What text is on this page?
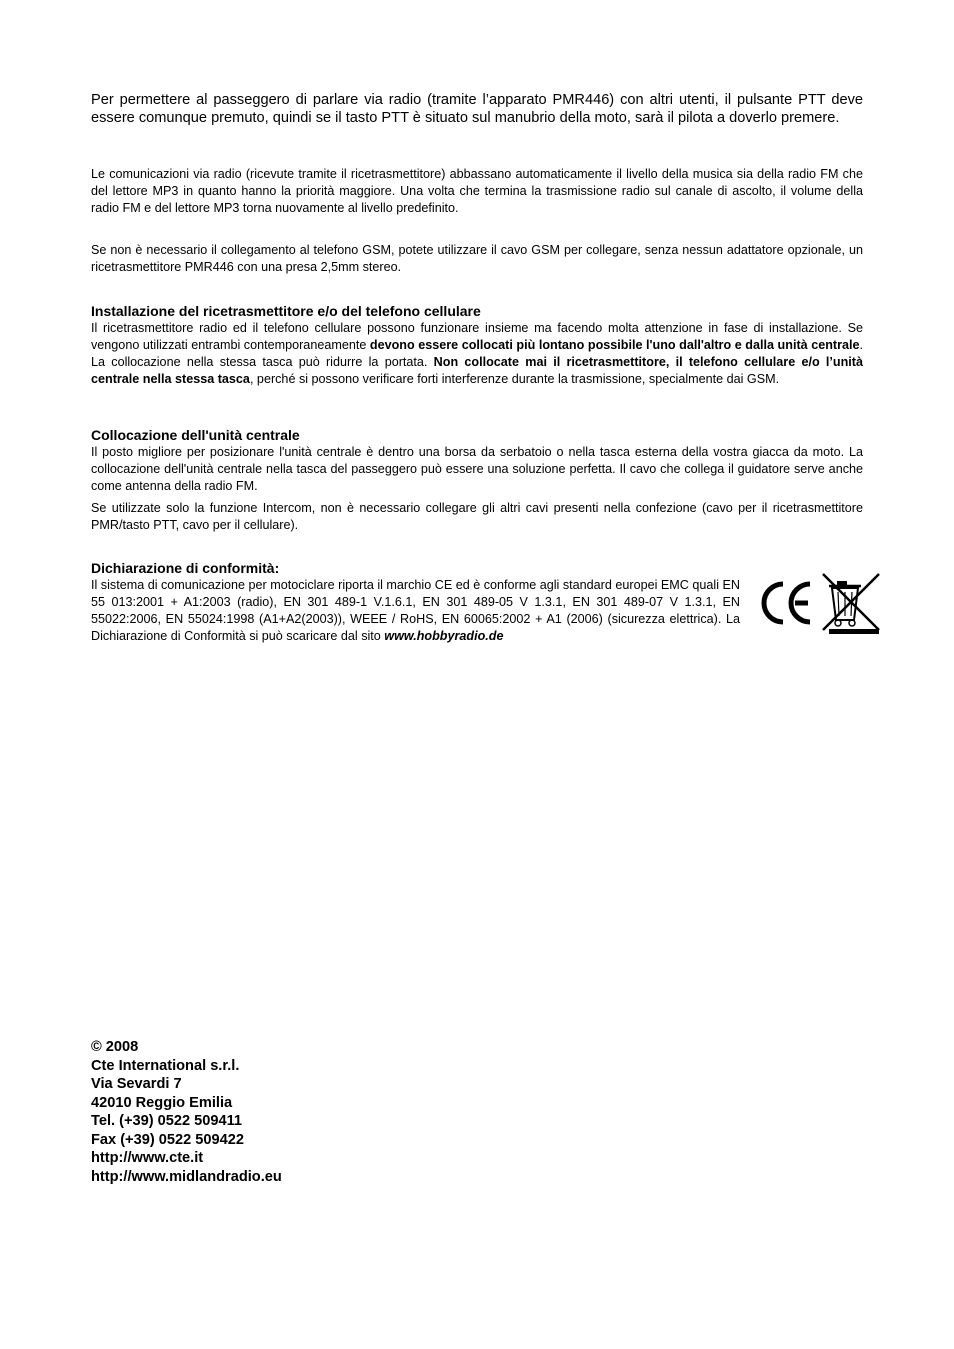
Per permettere al passeggero di parlare via radio (tramite l’apparato PMR446) con altri utenti, il pulsante PTT deve essere comunque premuto, quindi se il tasto PTT è situato sul manubrio della moto, sarà il pilota a doverlo premere.

Le comunicazioni via radio (ricevute tramite il ricetrasmettitore) abbassano automaticamente il livello della musica sia della radio FM che del lettore MP3 in quanto hanno la priorità maggiore. Una volta che termina la trasmissione radio sul canale di ascolto, il volume della radio FM e del lettore MP3 torna nuovamente al livello predefinito.

Se non è necessario il collegamento al telefono GSM, potete utilizzare il cavo GSM per collegare, senza nessun adattatore opzionale, un ricetrasmettitore PMR446 con una presa 2,5mm stereo.

Installazione del ricetrasmettitore e/o del telefono cellulare

Il ricetrasmettitore radio ed il telefono cellulare possono funzionare insieme ma facendo molta attenzione in fase di installazione. Se vengono utilizzati entrambi contemporaneamente devono essere collocati più lontano possibile l'uno dall'altro e dalla unità centrale. La collocazione nella stessa tasca può ridurre la portata. Non collocate mai il ricetrasmettitore, il telefono cellulare e/o l’unità centrale nella stessa tasca, perché si possono verificare forti interferenze durante la trasmissione, specialmente dai GSM.

Collocazione dell'unità centrale

Il posto migliore per posizionare l'unità centrale è dentro una borsa da serbatoio o nella tasca esterna della vostra giacca da moto. La collocazione dell'unità centrale nella tasca del passeggero può essere una soluzione perfetta. Il cavo che collega il guidatore serve anche come antenna della radio FM.

Se utilizzate solo la funzione Intercom, non è necessario collegare gli altri cavi presenti nella confezione (cavo per il ricetrasmettitore PMR/tasto PTT, cavo per il cellulare).

Dichiarazione di conformità:

Il sistema di comunicazione per motociclare riporta il marchio CE ed è conforme agli standard europei EMC quali EN 55 013:2001 + A1:2003 (radio), EN 301 489-1 V.1.6.1, EN 301 489-05 V 1.3.1, EN 301 489-07 V 1.3.1, EN 55022:2006, EN 55024:1998 (A1+A2(2003)), WEEE / RoHS, EN 60065:2002 + A1 (2006) (sicurezza elettrica). La Dichiarazione di Conformità si può scaricare dal sito www.hobbyradio.de

© 2008
Cte International s.r.l.
Via Sevardi 7
42010 Reggio Emilia
Tel. (+39) 0522 509411
Fax (+39) 0522 509422
http://www.cte.it
http://www.midlandradio.eu
